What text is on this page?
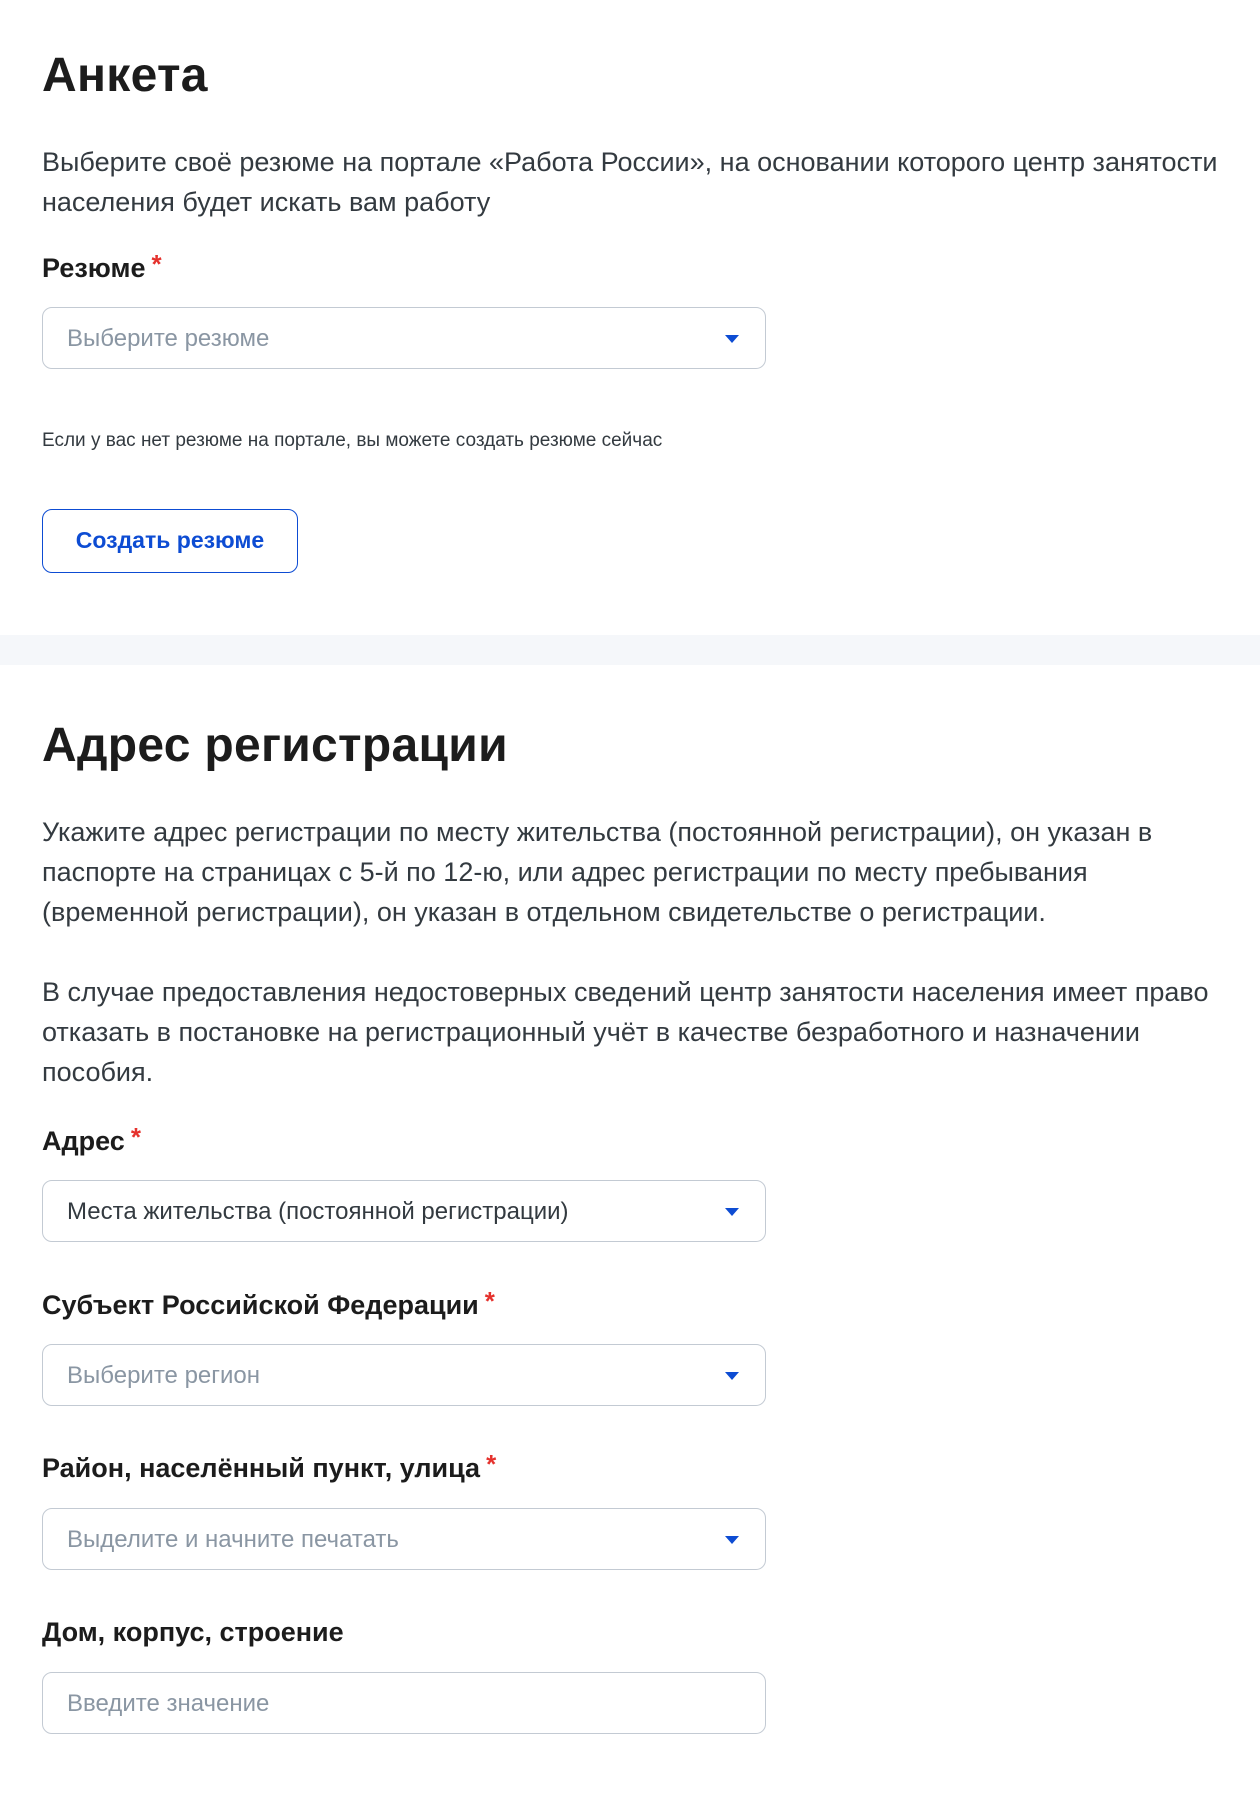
Анкета

Выберите своё резюме на портале «Работа России», на основании которого центр занятости населения будет искать вам работу

Резюме *
Выберите резюме

Если у вас нет резюме на портале, вы можете создать резюме сейчас

Создать резюме
Адрес регистрации

Укажите адрес регистрации по месту жительства (постоянной регистрации), он указан в паспорте на страницах с 5-й по 12-ю, или адрес регистрации по месту пребывания (временной регистрации), он указан в отдельном свидетельстве о регистрации.

В случае предоставления недостоверных сведений центр занятости населения имеет право отказать в постановке на регистрационный учёт в качестве безработного и назначении пособия.

Адрес *
Места жительства (постоянной регистрации)
Субъект Российской Федерации *
Выберите регион
Район, населённый пункт, улица *
Выделите и начните печатать
Дом, корпус, строение
Введите значение
